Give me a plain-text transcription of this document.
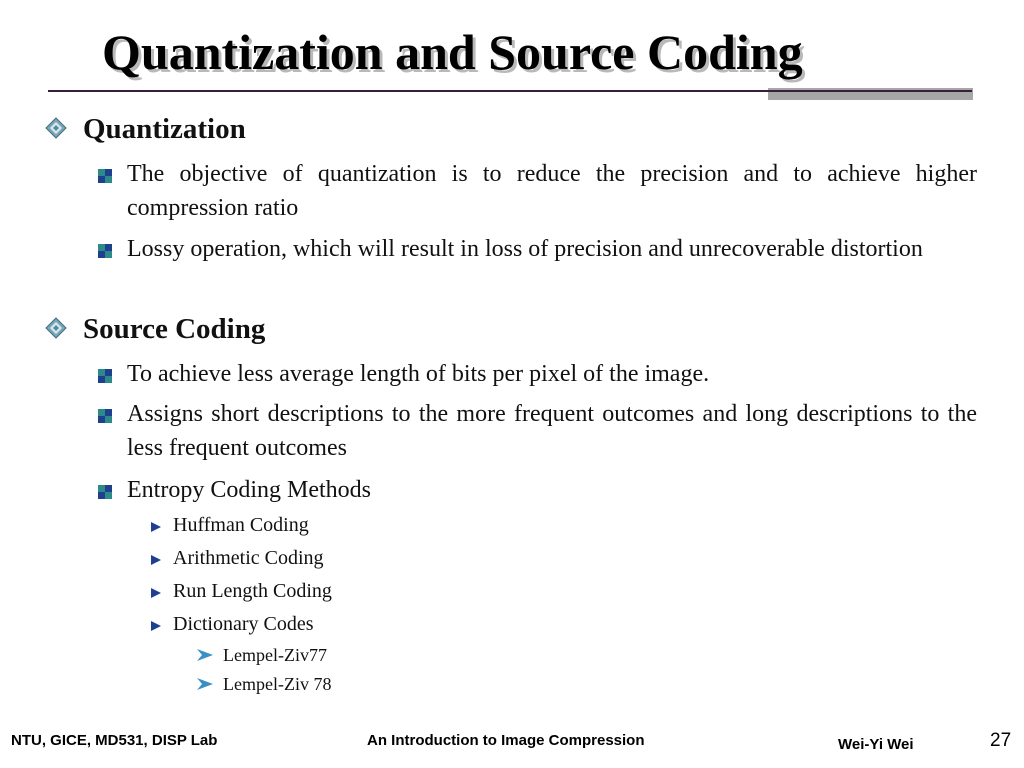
Quantization and Source Coding
Quantization
The objective of quantization is to reduce the precision and to achieve higher compression ratio
Lossy operation, which will result in loss of precision and unrecoverable distortion
Source Coding
To achieve less average length of bits per pixel of the image.
Assigns short descriptions to the more frequent outcomes and long descriptions to the less frequent outcomes
Entropy Coding Methods
Huffman Coding
Arithmetic Coding
Run Length Coding
Dictionary Codes
Lempel-Ziv77
Lempel-Ziv 78
NTU, GICE, MD531, DISP Lab	An Introduction to Image Compression	Wei-Yi Wei	27
